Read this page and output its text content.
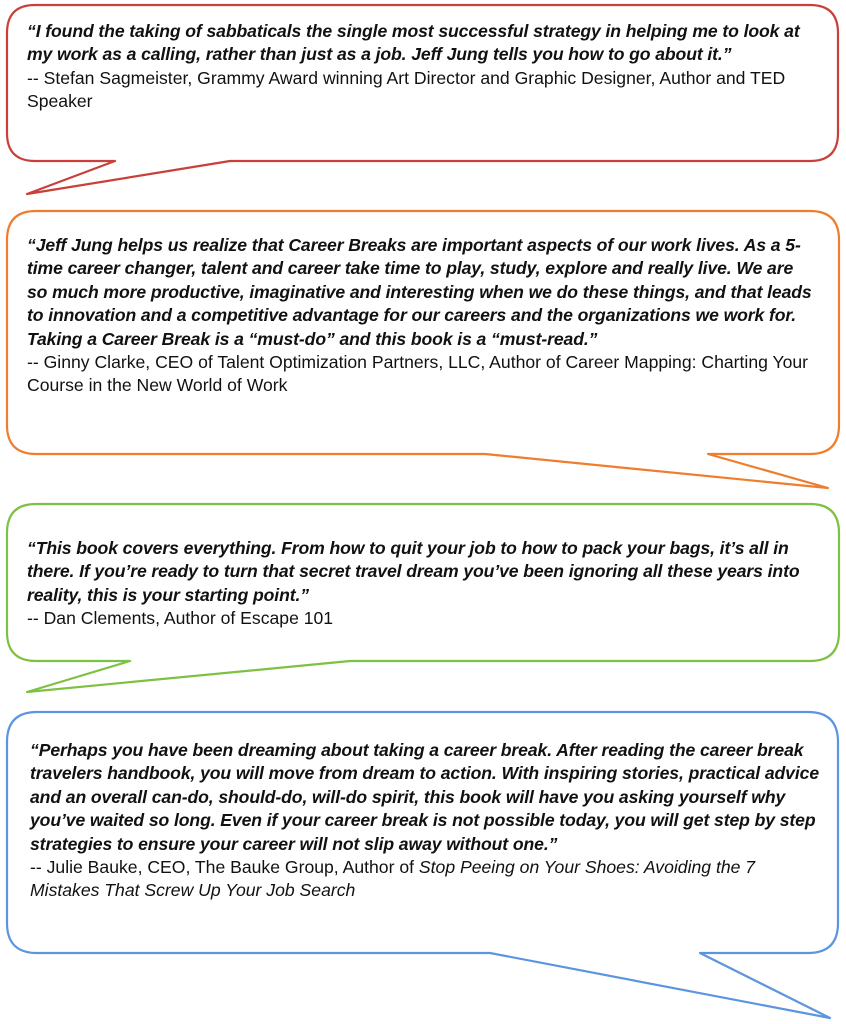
“I found the taking of sabbaticals the single most successful strategy in helping me to look at my work as a calling, rather than just as a job. Jeff Jung tells you how to go about it.”

-- Stefan Sagmeister, Grammy Award winning Art Director and Graphic Designer, Author and TED Speaker

“Jeff Jung helps us realize that Career Breaks are important aspects of our work lives. As a 5-time career changer, talent and career take time to play, study, explore and really live. We are so much more productive, imaginative and interesting when we do these things, and that leads to innovation and a competitive advantage for our careers and the organizations we work for. Taking a Career Break is a “must-do” and this book is a “must-read.”

-- Ginny Clarke, CEO of Talent Optimization Partners, LLC, Author of Career Mapping: Charting Your Course in the New World of Work

“This book covers everything. From how to quit your job to how to pack your bags, it’s all in there. If you’re ready to turn that secret travel dream you’ve been ignoring all these years into reality, this is your starting point.”

-- Dan Clements, Author of Escape 101

“Perhaps you have been dreaming about taking a career break. After reading the career break travelers handbook, you will move from dream to action. With inspiring stories, practical advice and an overall can-do, should-do, will-do spirit, this book will have you asking yourself why you’ve waited so long. Even if your career break is not possible today, you will get step by step strategies to ensure your career will not slip away without one.”

-- Julie Bauke, CEO, The Bauke Group, Author of Stop Peeing on Your Shoes: Avoiding the 7 Mistakes That Screw Up Your Job Search
